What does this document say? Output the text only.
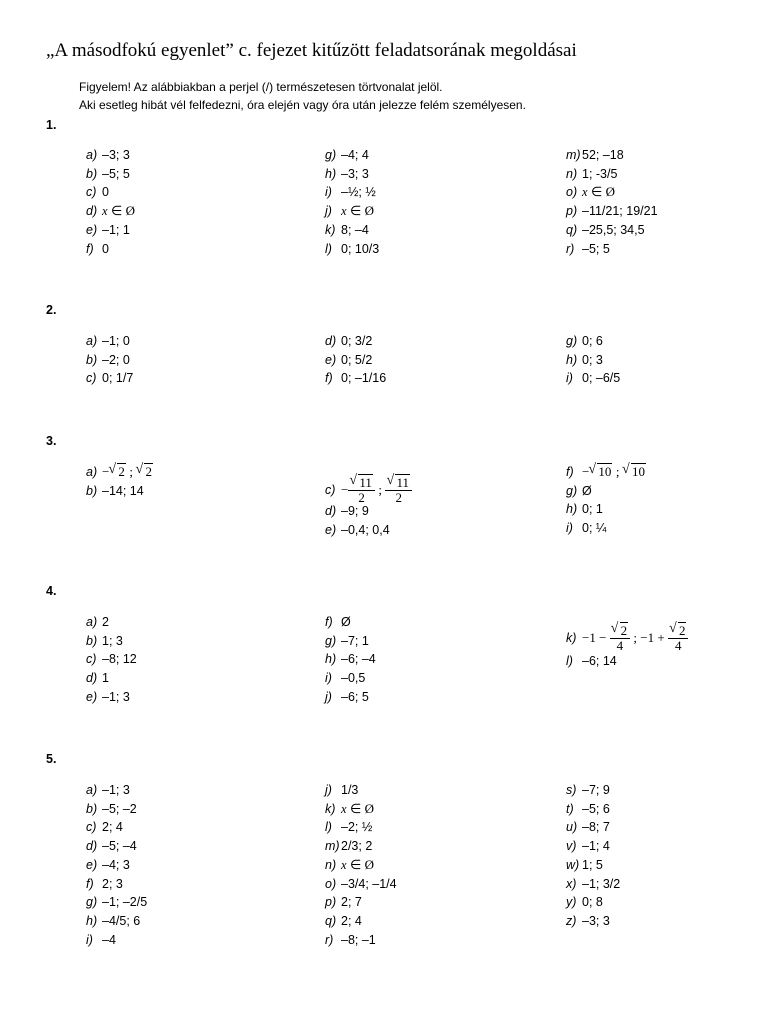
„A másodfokú egyenlet” c. fejezet kitűzött feladatsorának megoldásai
Figyelem! Az alábbiakban a perjel (/) természetesen törtvonalat jelöl.
Aki esetleg hibát vél felfedezni, óra elején vagy óra után jelezze felém személyesen.
1.
a) –3; 3
b) –5; 5
c) 0
d) x ∈ Ø
e) –1; 1
f) 0
g) –4; 4
h) –3; 3
i) –½; ½
j) x ∈ Ø
k) 8; –4
l) 0; 10/3
m)52; –18
n) 1; -3/5
o) x ∈ Ø
p) –11/21; 19/21
q) –25,5; 34,5
r) –5; 5
2.
a) –1; 0
b) –2; 0
c) 0; 1/7
d) 0; 3/2
e) 0; 5/2
f) 0; –1/16
g) 0; 6
h) 0; 3
i) 0; –6/5
3.
a) − √ 2 ; √ 2
b) –14; 14	c) − √ $\frac{11}{2}$ ; √ $\frac{11}{2}$
d) –9; 9
e) –0,4; 0,4
f) − √ 10 ; √ 10
g) Ø
h) 0; 1
i) 0; ¼
4.
a) 2
b) 1; 3
c) –8; 12
d) 1
e) –1; 3
f) Ø
g) –7; 1
h) –6; –4
i) –0,5
j) –6; 5
k) −1 − √ $\frac{2}{4}$ ; −1 + √ $\frac{2}{4}$
l) –6; 14
5.
a) –1; 3
b) –5; –2
c) 2; 4
d) –5; –4
e) –4; 3
f) 2; 3
g) –1; –2/5
h) –4/5; 6
i) –4
j) 1/3
k) x ∈ Ø
l) –2; ½
m)2/3; 2
n) x ∈ Ø
o) –3/4; –1/4
p) 2; 7
q) 2; 4
r) –8; –1
s) –7; 9
t) –5; 6
u) –8; 7
v) –1; 4
w) 1; 5
x) –1; 3/2
y) 0; 8
z) –3; 3
